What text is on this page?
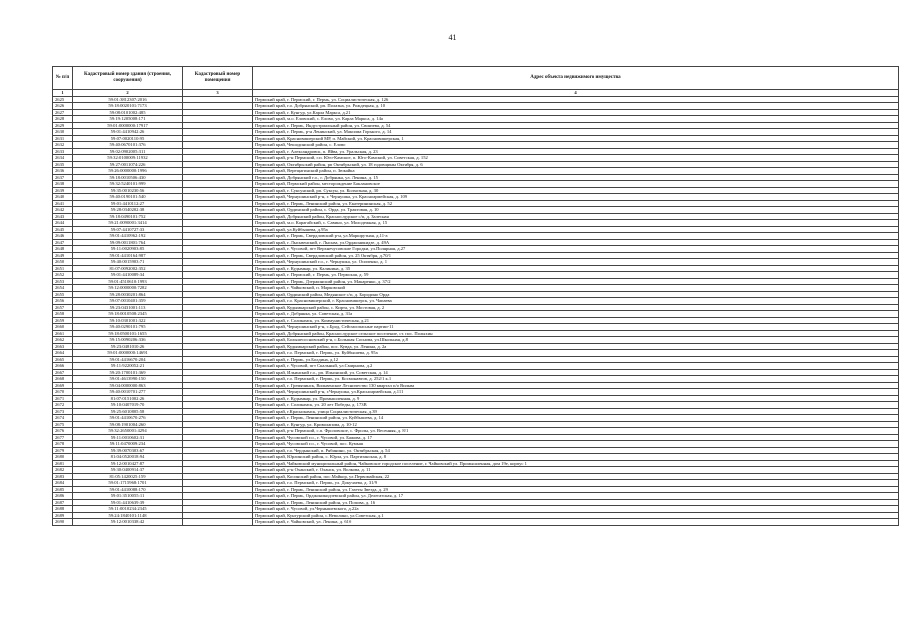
41
№ п/п	Кадастровый номер здания (строения, сооружения)	Кадастровый номер помещения	Адрес объекта недвижимого имущества
1	2	3	4
2625	59:01:3812307:2016		Пермский край, г. Пермский, г. Пермь, ул. Социалистическая, д. 126
2626	59:18:0020101:7173		Пермский край, г.о. Добрянский, рп. Полазна, ул. Рождецкая, д. 10
2627	59:08:0101002:485		Пермский край, г. Кунгур, ул.Карла Маркса, д.21
2628	59:19:1205008:171		Пермский край, м.о. Еловский, с. Елово, ул. Карла Маркса, д. 14а
2629	59:01:0000000:17917		Пермский край, г. Пермь, Индустриальный район, ул. Свиязева, д. 54
2630	59:01:4410942:26		Пермский край, г. Пермь, р-н Ленинский, ул. Максима Горького, д. 14
2631	59:07:0020110:95		Пермский край, Красновишерский МР, п. Майский, ул. Красновишерская, 1
2632	59:40:0670101:376		Пермский край, Чешодинский район, с. Елово
2633	59:02:0902005:311		Пермский край, г. Александровск, п. Яйва, ул. Уральская, д. 23
2634	59:32:0100009:11932		Пермский край, р-н Пермский, г.п. Юго-Камское, п. Юго-Камский, ул. Советская, д. 152
2635	59:27:0011074:226		Пермский край, Октябрьский район, рп Октябрьский, ул. 18 годовщины Октября, д. 6
2636	59:26:0000000:1996		Пермский край, Верещагинский район, п. Зюкайка
2637	59:18:0010506:430		Пермский край, Добрянский г.о., г. Добрянка, ул. Ленина, д. 15
2638	59:32:5240101:999		Пермский край, Пермский район, месторождение Баклановское
2639	59:35:0010230:56		Пермский край, г. Суксунский, рп. Суксун, ул. Колхозная, д. 30
2640	59:40:0190101:540		Пермский край, Чернушинский р-н, г. Чернушка, ул. Красноармейская, д. 109
2641	59:01:4410112:27		Пермский край, г. Пермь, Ленинский район, ул. Екатерининская, д. 52
2642	59:28:0340202:38		Пермский край, Ординский район, с. Орда, ул. Трактовая, д. 10
2643	59:18:0490101:752		Пермский край, Добрянский район, Краснослудское с/п, д. Залесная
2644	59:21:0090001:3414		Пермский край, м.о. Карагайский, с. Савино, ул. Молодежная, д. 15
2645	59:07:4410727:33		Пермский край, ул.Куйбышева, д.95а
2646	59:01:4410962:192		Пермский край, г. Пермь, Свердловский р-н, ул.Маршрутная, д.11-а
2647	59:09:0011801:764		Пермский край, г. Лысьвенский, г. Лысьва, ул.Орджоникидзе, д. 49А
2648	59:11:0020903:85		Пермский край, г. Чусовой, пгт Верхнечусовские Городки, ул.Полярная, д.27
2649	59:01:4410164:987		Пермский край, г. Пермь, Свердловский район, ул. 25 Октября, д.70/1
2650	59:40:0015903:71		Пермский край, Чернушинский г.о., г. Чернушка, ул. Осипенко, д. 1
2651	81:07:0092002:352		Пермский край, г. Кудымкар, ул. Калинина, д. 35
2652	59:01:4410089:34		Пермский край, г. Пермский, г. Пермь, ул. Пермская, д. 59
2653	59:01:4510610:1993		Пермский край, г. Пермь, Дзержинский район, ул. Макаренко, д. 37/2
2654	59:12:0000000:7282		Пермский край, г. Чайковский, п. Марковский
2655	59:28:0030201:864		Пермский край, Ординский район, Медянское с/п, д. Бородино Орда
2656	59:07:0010401:359		Пермский край, г.о. Красновишерский, г. Красновишерск, ул. Чапаева
2657	59:23:0431001:113		Пермский край, Кудымкарский район, с. Кирта, ул. Мостовая, д. 2
2658	59:18:0010508:2345		Пермский край, г. Добрянка, ул. Советская, д. 31а
2659	59:10:0301001:322		Пермский край, г. Соликамск, ул. Коммунистическая, д.21
2660	59:40:0290101:795		Пермский край, Чернушинский р-н, с.Брод, Сейсмоопасные партии-11
2661	59:18:0500101:1655		Пермский край, Добрянский район, Краснослудское сельское поселение, ст. пос. Полыхин
2662	59:15:0090206:336		Пермский край, Большесосновский р-н, с.Большая Соснова, ул.Школьная, д.8
2663	59:23:0481010:26		Пермский край, Кудымкарский район, пос. Кувда, ул. Ленина, д. 2а
2664	59:01:0000000:14691		Пермский край, г.о. Пермский, г. Пермь, ул. Куйбышева, д. 95а
2665	59:01:4416670:204		Пермский край, г. Пермь, ул.Болдина, д.12
2666	59:11:9220052:21		Пермский край, г. Чусовой, пгт Скальный, ул.Смирнова, д.2
2667	59:20:1700101:369		Пермский край, Ильинский г.о., рп. Ильинский, ул. Советская, д. 14
2668	59:01:4613990:150		Пермский край, г.о. Пермский, г. Пермь, ул. Космонавтов, д. 252/1 к.1
2669	59:04:0000000:863		Пермский край, г. Гремячинск, Вильвенское Лесничество 130 квартал п/о Вильва
2670	59:40:0010701:277		Пермский край, Чернушинский р-н, г.Чернушка, ул.Красноармейская, д.111
2671	81:07:0151002:26		Пермский край, г. Кудымкар, ул. Промышленная, д. 9
2672	59:10:0407019:70		Пермский край, г. Соликамск, ул. 20 лет Победы, д. 173В
2673	59:25:6010805:58		Пермский край, г.Краснокамск, улица Социалистическая, д.39
2674	59:01:4410670:276		Пермский край, г. Пермь, Ленинский район, ул. Куйбышева, д. 14
2675	59:08:1901004:260		Пермский край, г. Кунгур, ул. Криволапова, д. 10-12
2676	59:32:2650001:4294		Пермский край, р-н Пермский, с.п. Фроловское, с. Фролы, ул. Весенняя, д. 8/1
2677	59:11:0010602:31		Пермский край, Чусовской г.о., г. Чусовой, ул. Бажова, д. 17
2678	59:11:0470009:234		Пермский край, Чусовской г.о., г. Чусовой, пос. Кумыш
2679	59:39:0070303:67		Пермский край, г.о. Чердынский, п. Рябинино, ул. Октябрьская, д. 54
2680	81:04:0520018:94		Пермский край, Юрлинский район, с. Юрла, ул. Партизанская, д. 8
2681	59:12:0010427:87		Пермский край, Чайковский муниципальный район, Чайковское городское поселение, г. Чайковский ул. Промышленная, дом 19е, корпус 1
2682	59:30:0400914:37		Пермский край, р-н Оханский, г. Оханск, ул. Волкова, д. 11
2683	81:05:1420025:159		Пермский край, Косинский район, пос.Майкор, ул.Первомайская, 22
2684	59:01:1715968:1701		Пермский край, г.о. Пермский, г. Пермь, ул. Докучаева, д. 31/9
2685	59:01:4410088:170		Пермский край, г. Пермь, Ленинский район, ул. Газеты Звезда, д. 29
2686	59:01:3510055:11		Пермский край, г. Пермь, Орджоникидзевский район, ул. Делегатская, д. 17
2687	59:01:4410639:39		Пермский край, г. Пермь, Ленинский район, ул. Попова, д. 16
2688	59:11:0010234:2345		Пермский край, г. Чусовой, ул.Чернышевского, д.22а
2689	59:24:1840101:1148		Пермский край, Кунгурский район, с.Неволино, ул.Советская, д.1
2690	59:12:0010338:42		Пермский край, г. Чайковский, ул. Ленина, д. 61б
